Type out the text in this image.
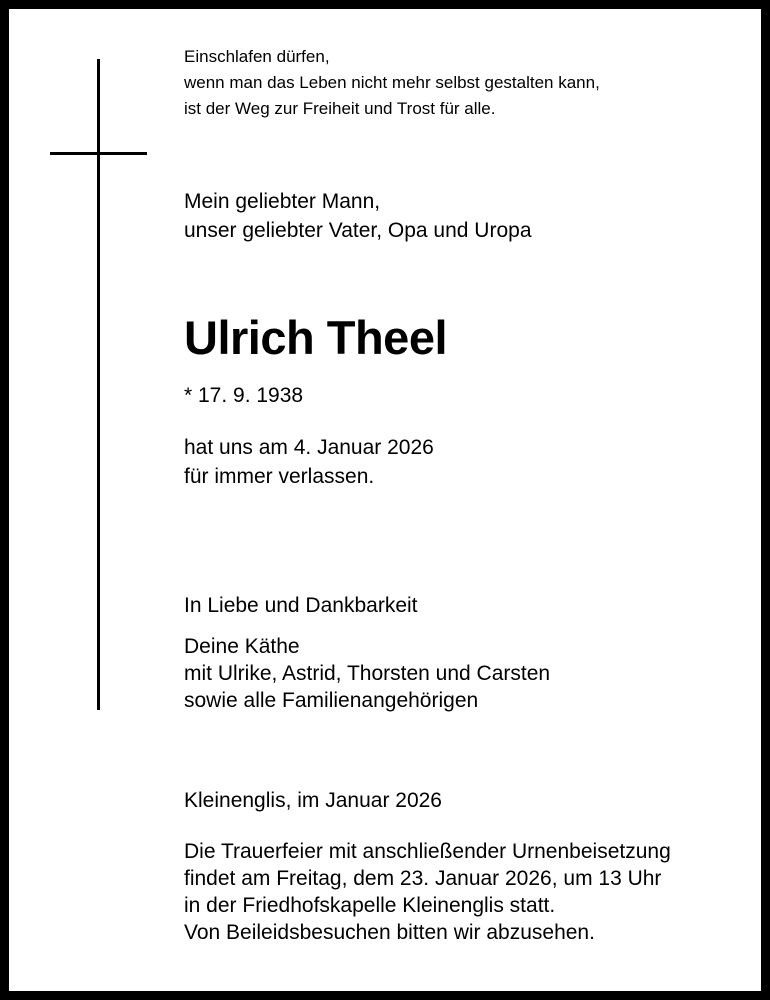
Einschlafen dürfen,
wenn man das Leben nicht mehr selbst gestalten kann,
ist der Weg zur Freiheit und Trost für alle.
Mein geliebter Mann,
unser geliebter Vater, Opa und Uropa
Ulrich Theel
* 17. 9. 1938
hat uns am 4. Januar 2026
für immer verlassen.
In Liebe und Dankbarkeit
Deine Käthe
mit Ulrike, Astrid, Thorsten und Carsten
sowie alle Familienangehörigen
Kleinenglis, im Januar 2026
Die Trauerfeier mit anschließender Urnenbeisetzung
findet am Freitag, dem 23. Januar 2026, um 13 Uhr
in der Friedhofskapelle Kleinenglis statt.
Von Beileidsbesuchen bitten wir abzusehen.
